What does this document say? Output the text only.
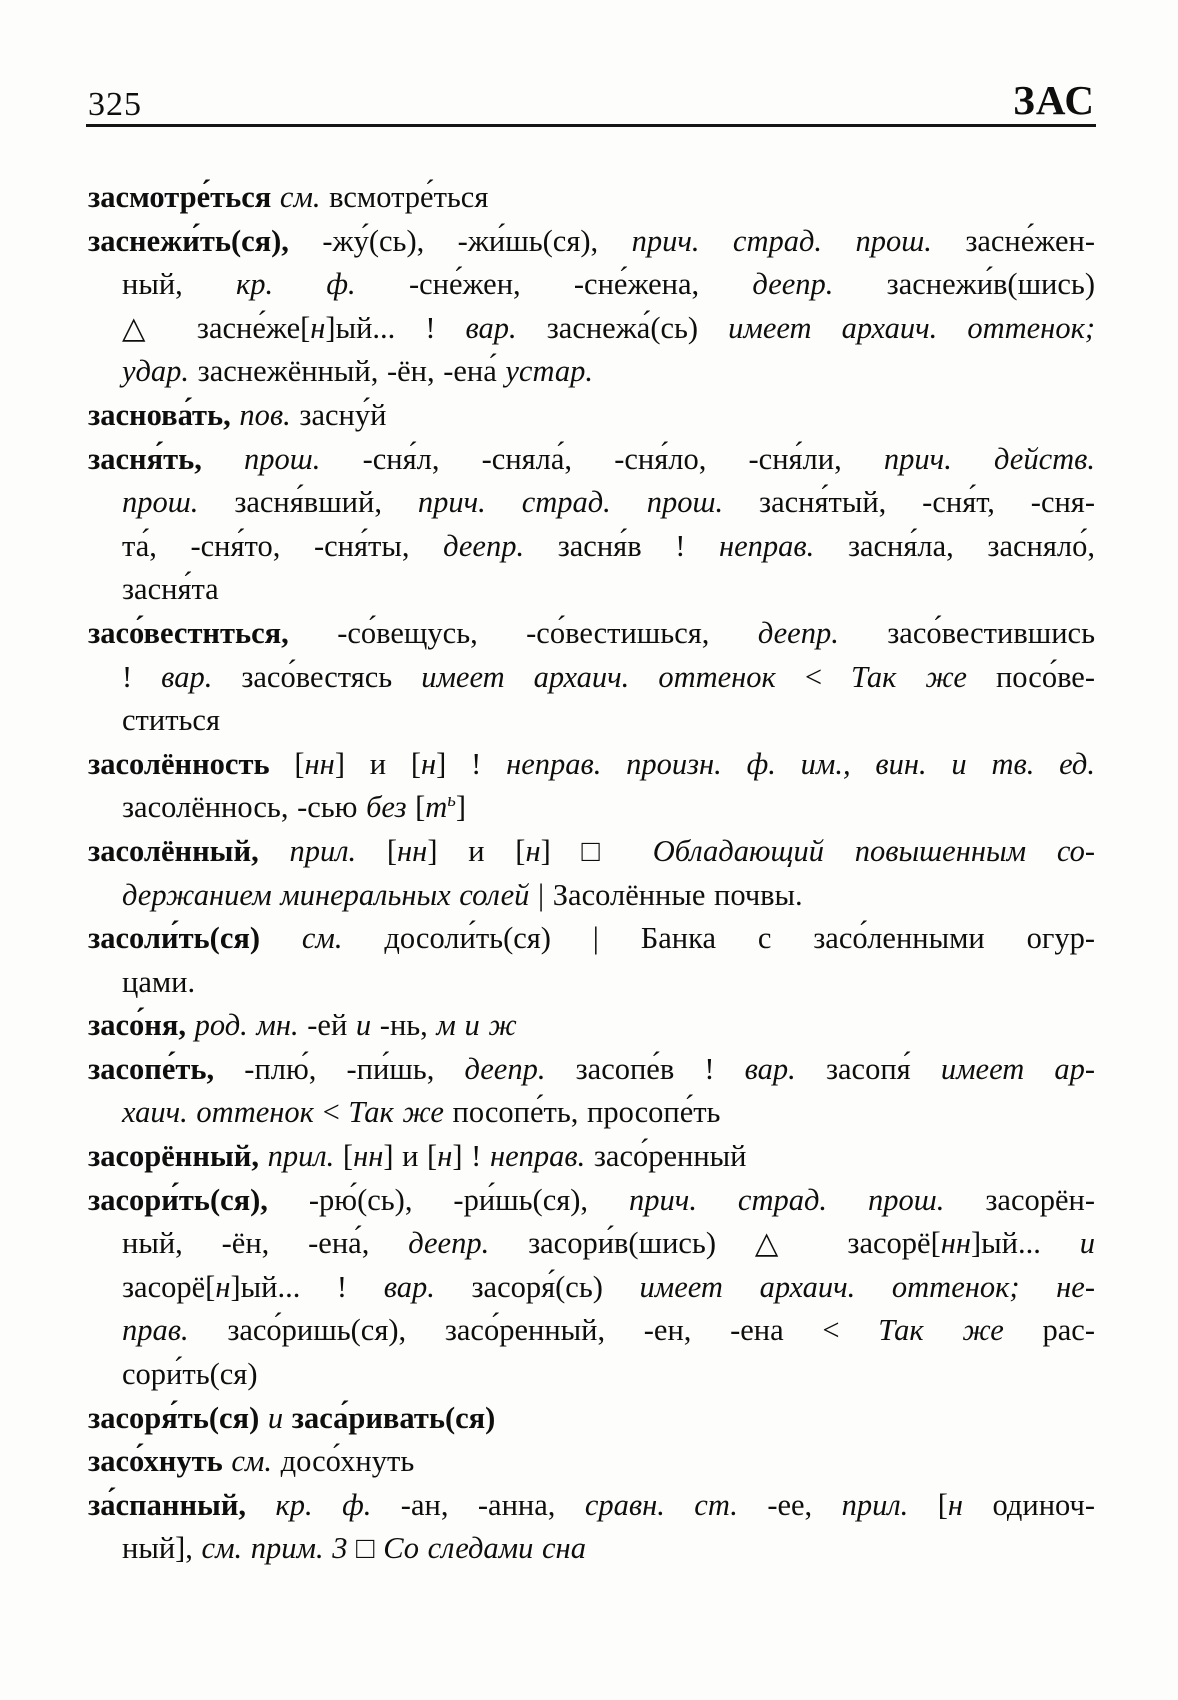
325	ЗАС
засмотре́ться см. всмотре́ться
заснежи́ть(ся), -жу́(сь), -жи́шь(ся), прич. страд. прош. засне́жен-
ный, кр. ф. -сне́жен, -сне́жена, деепр. заснежи́в(шись)
△ засне́же[н]ый... ! вар. заснежа́(сь) имеет архаич. оттенок;
удар. заснежённый, -ён, -ена́ устар.
заснова́ть, пов. засну́й
засня́ть, прош. -сня́л, -сняла́, -сня́ло, -сня́ли, прич. действ.
прош. засня́вший, прич. страд. прош. засня́тый, -сня́т, -сня-
та́, -сня́то, -сня́ты, деепр. засня́в ! неправ. засня́ла, засняло́,
засня́та
засо́вестнться, -со́вещусь, -со́вестишься, деепр. засо́вестившись
! вар. засо́вестясь имеет архаич. оттенок < Так же посо́ве-
ститься
засолённость [нн] и [н] ! неправ. произн. ф. им., вин. и тв. ед.
засолённось, -сью без $[т^ь]$
засолённый, прил. [нн] и [н] □ Обладающий повышенным со-
держанием минеральных солей | Засолённые почвы.
засоли́ть(ся) см. досоли́ть(ся) | Банка с засо́ленными огур-
цами.
засо́ня, род. мн. -ей и -нь, м и ж
засопе́ть, -плю́, -пи́шь, деепр. засопе́в ! вар. засопя́ имеет ар-
хаич. оттенок < Так же посопе́ть, просопе́ть
засорённый, прил. [нн] и [н] ! неправ. засо́ренный
засори́ть(ся), -рю́(сь), -ри́шь(ся), прич. страд. прош. засорён-
ный, -ён, -ена́, деепр. засори́в(шись) △ засорё[нн]ый... и
засорё[н]ый... ! вар. засоря́(сь) имеет архаич. оттенок; не-
прав. засо́ришь(ся), засо́ренный, -ен, -ена < Так же рас-
сори́ть(ся)
засоря́ть(ся) и заса́ривать(ся)
засо́хнуть см. досо́хнуть
за́спанный, кр. ф. -ан, -анна, сравн. ст. -ее, прил. [н одиноч-
ный], см. прим. 3 □ Со следами сна
